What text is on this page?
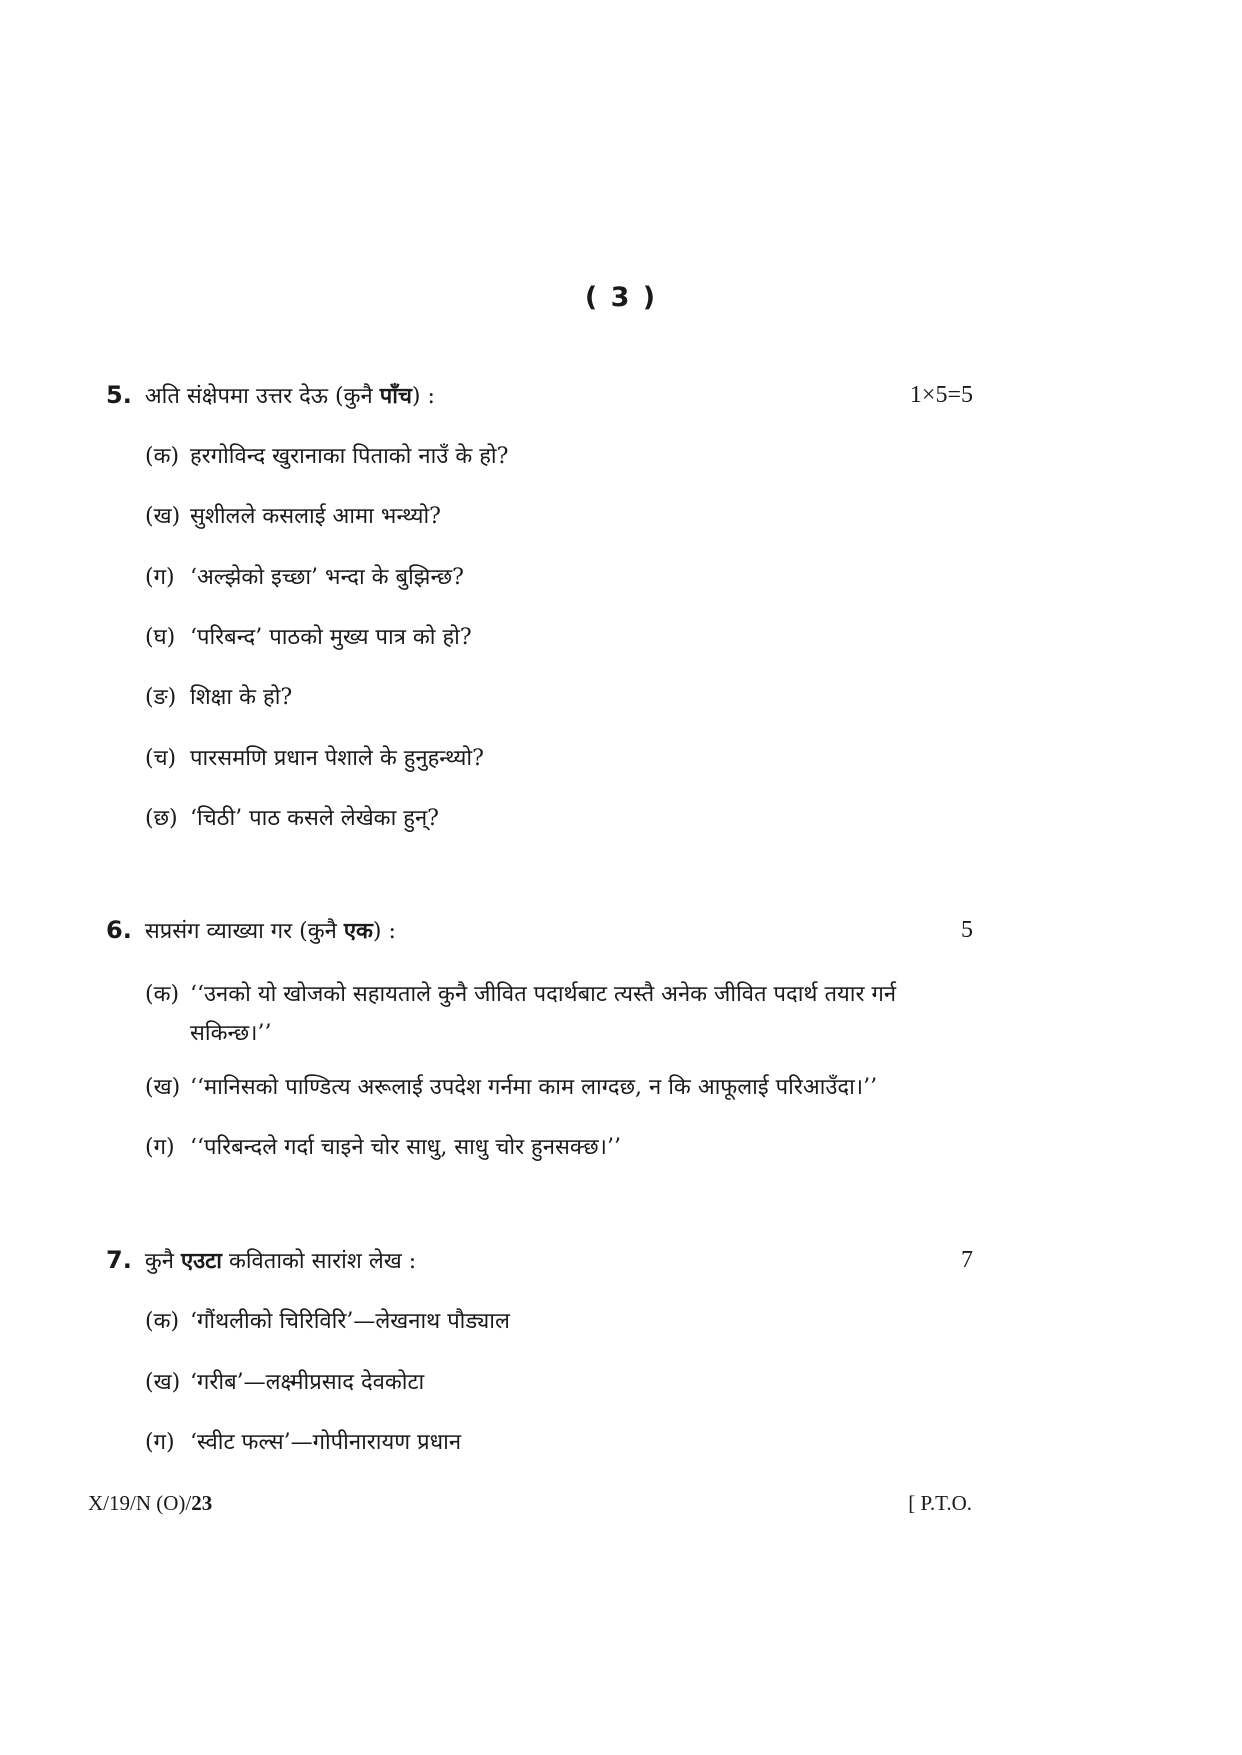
( 3 )
5. अति संक्षेपमा उत्तर देऊ (कुनै पाँच) :	1×5=5
(क) हरगोविन्द खुरानाका पिताको नाउँ के हो?
(ख) सुशीलले कसलाई आमा भन्थ्यो?
(ग) ‘अल्झेको इच्छा’ भन्दा के बुझिन्छ?
(घ) ‘परिबन्द’ पाठको मुख्य पात्र को हो?
(ङ) शिक्षा के हो?
(च) पारसमणि प्रधान पेशाले के हुनुहन्थ्यो?
(छ) ‘चिठी’ पाठ कसले लेखेका हुन्?
6. सप्रसंग व्याख्या गर (कुनै एक) :	5
(क) ‘‘उनको यो खोजको सहायताले कुनै जीवित पदार्थबाट त्यस्तै अनेक जीवित पदार्थ तयार गर्न सकिन्छ।’’
(ख) ‘‘मानिसको पाण्डित्य अरूलाई उपदेश गर्नमा काम लाग्दछ, न कि आफूलाई परिआउँदा।’’
(ग) ‘‘परिबन्दले गर्दा चाइने चोर साधु, साधु चोर हुनसक्छ।’’
7. कुनै एउटा कविताको सारांश लेख :	7
(क) ‘गौंथलीको चिरिविरि’—लेखनाथ पौड्याल
(ख) ‘गरीब’—लक्ष्मीप्रसाद देवकोटा
(ग) ‘स्वीट फल्स’—गोपीनारायण प्रधान
X/19/N (O)/23	[ P.T.O.
